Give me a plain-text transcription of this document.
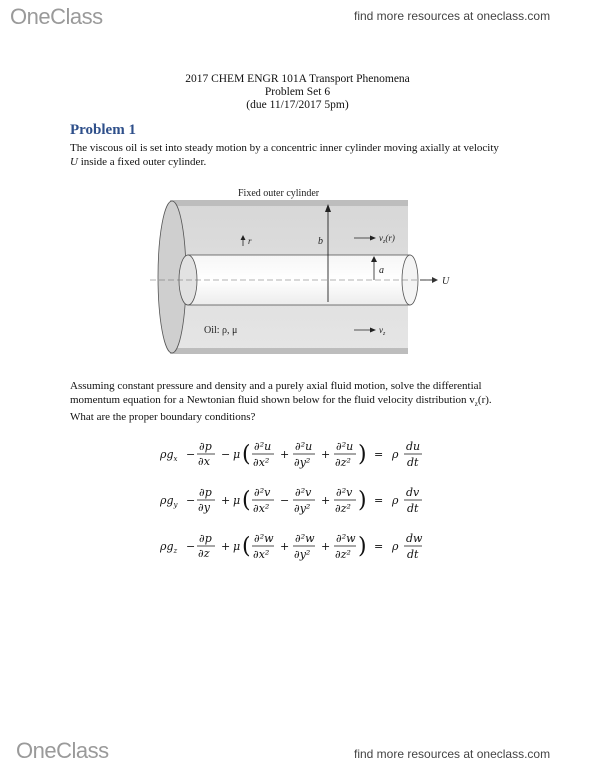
OneClass	find more resources at oneclass.com
OneClass	find more resources at oneclass.com
2017 CHEM ENGR 101A Transport Phenomena
Problem Set 6
(due 11/17/2017 5pm)
Problem 1
The viscous oil is set into steady motion by a concentric inner cylinder moving axially at velocity
U inside a fixed outer cylinder.
Fixed outer cylinder
r	b
a
$v_z(r)$
U
Oil: ρ, μ	$v_z$
Assuming constant pressure and density and a purely axial fluid motion, solve the differential
momentum equation for a Newtonian fluid shown below for the fluid velocity distribution $v_z(r)$.
What are the proper boundary conditions?
$\rho g_x$ −
∂p
∂x
− μ ( ∂²u
∂x²
+
∂²u
∂y²
+
∂²u
∂z² ) = ρ
du
dt
$\rho g_y$ −
∂p
∂y
+ μ ( ∂²v
∂x²
−
∂²v
∂y²
+
∂²v
∂z² ) = ρ
dv
dt
$\rho g_z$ −
∂p
∂z
+ μ ( ∂²w
∂x²
+
∂²w
∂y²
+
∂²w
∂z² ) = ρ
dw
dt
